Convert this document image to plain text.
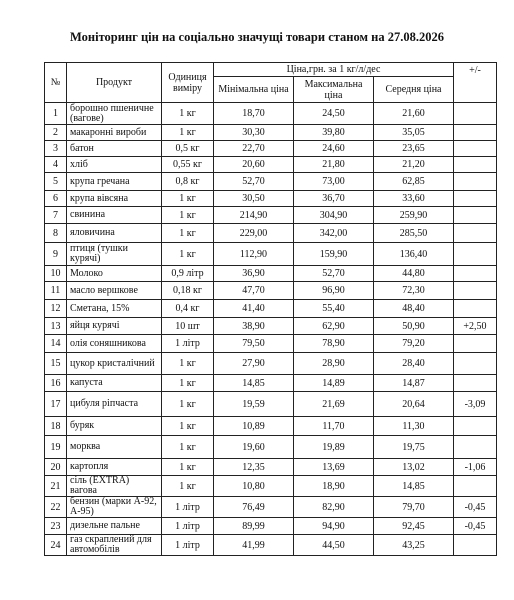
Моніторинг цін на соціально значущі товари станом на 27.08.2026
№	Продукт	Одиниця виміру	Ціна,грн. за 1 кг/л/дес			+/-
			Мінімальна ціна	Максимальна ціна	Середня ціна	
1	борошно пшеничне (вагове)	1 кг	18,70	24,50	21,60	
2	макаронні вироби	1 кг	30,30	39,80	35,05	
3	батон	0,5 кг	22,70	24,60	23,65	
4	хліб	0,55 кг	20,60	21,80	21,20	
5	крупа гречана	0,8 кг	52,70	73,00	62,85	
6	крупа вівсяна	1 кг	30,50	36,70	33,60	
7	свинина	1 кг	214,90	304,90	259,90	
8	яловичина	1 кг	229,00	342,00	285,50	
9	птиця (тушки курячі)	1 кг	112,90	159,90	136,40	
10	Молоко	0,9 літр	36,90	52,70	44,80	
11	масло вершкове	0,18 кг	47,70	96,90	72,30	
12	Сметана, 15%	0,4 кг	41,40	55,40	48,40	
13	яйця курячі	10 шт	38,90	62,90	50,90	+2,50
14	олія соняшникова	1 літр	79,50	78,90	79,20	
15	цукор кристалічний	1 кг	27,90	28,90	28,40	
16	капуста	1 кг	14,85	14,89	14,87	
17	цибуля ріпчаста	1 кг	19,59	21,69	20,64	-3,09
18	буряк	1 кг	10,89	11,70	11,30	
19	морква	1 кг	19,60	19,89	19,75	
20	картопля	1 кг	12,35	13,69	13,02	-1,06
21	сіль (EXTRA) вагова	1 кг	10,80	18,90	14,85	
22	бензин (марки А-92, А-95)	1 літр	76,49	82,90	79,70	-0,45
23	дизельне пальне	1 літр	89,99	94,90	92,45	-0,45
24	газ скраплений для автомобілів	1 літр	41,99	44,50	43,25	
